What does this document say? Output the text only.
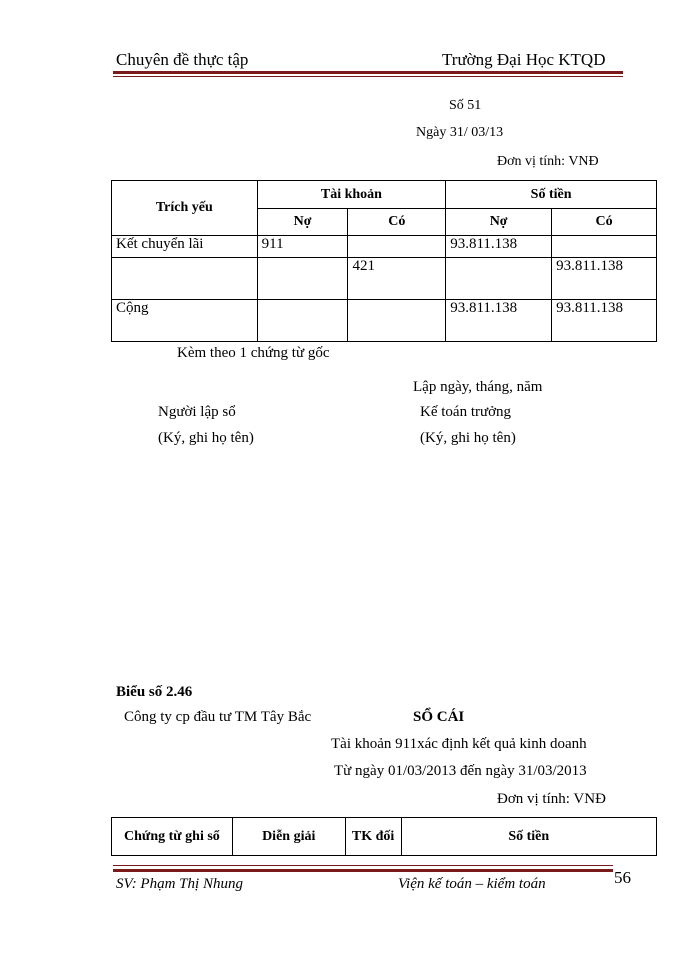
Chuyên đề thực tập	Trường Đại Học KTQD
Số 51
Ngày 31/ 03/13
Đơn vị tính: VNĐ
Trích yếu	Tài khoản		Số tiền	
	Nợ	Có	Nợ	Có
Kết chuyển lãi	911		93.811.138	
		421		93.811.138
Cộng			93.811.138	93.811.138
Kèm theo 1 chứng từ gốc
Lập ngày, tháng, năm
Người lập sổ	Kế toán trưởng
(Ký, ghi họ tên)	(Ký, ghi họ tên)
Biểu số 2.46
Công ty cp đầu tư TM Tây Bắc	SỔ CÁI
Tài khoản 911xác định kết quả kinh doanh
Từ ngày 01/03/2013 đến ngày 31/03/2013
Đơn vị tính: VNĐ
Chứng từ ghi sổ	Diễn giải	TK đối	Số tiền
SV: Phạm Thị Nhung	Viện kế toán – kiểm toán	56
